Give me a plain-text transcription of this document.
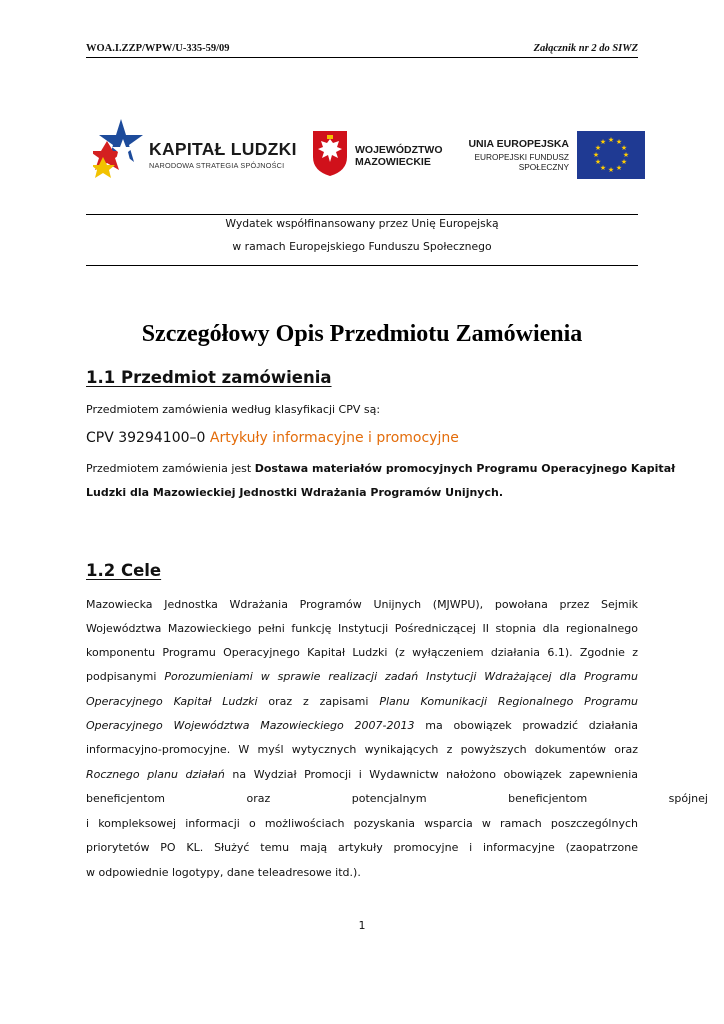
WOA.I.ZZP/WPW/U-335-59/09	Załącznik nr 2 do SIWZ
KAPITAŁ LUDZKI
NARODOWA STRATEGIA SPÓJNOŚCI
WOJEWÓDZTWO
MAZOWIECKIE
UNIA EUROPEJSKA
EUROPEJSKI FUNDUSZ
SPOŁECZNY
★ ★
★
★
★
★
★
★
★
★
★
★
Wydatek współfinansowany przez Unię Europejską
w ramach Europejskiego Funduszu Społecznego
Szczegółowy Opis Przedmiotu Zamówienia
1.1 Przedmiot zamówienia
Przedmiotem zamówienia według klasyfikacji CPV są:
CPV 39294100–0 Artykuły informacyjne i promocyjne
Przedmiotem zamówienia jest Dostawa materiałów promocyjnych Programu Operacyjnego Kapitał
Ludzki dla Mazowieckiej Jednostki Wdrażania Programów Unijnych.
1.2 Cele
Mazowiecka Jednostka Wdrażania Programów Unijnych (MJWPU), powołana przez Sejmik
Województwa Mazowieckiego pełni funkcję Instytucji Pośredniczącej II stopnia dla regionalnego
komponentu Programu Operacyjnego Kapitał Ludzki (z wyłączeniem działania 6.1). Zgodnie z
podpisanymi Porozumieniami w sprawie realizacji zadań Instytucji Wdrażającej dla Programu
Operacyjnego Kapitał Ludzki oraz z zapisami Planu Komunikacji Regionalnego Programu
Operacyjnego Województwa Mazowieckiego 2007-2013 ma obowiązek prowadzić działania
informacyjno-promocyjne. W myśl wytycznych wynikających z powyższych dokumentów oraz
Rocznego planu działań na Wydział Promocji i Wydawnictw nałożono obowiązek zapewnienia
beneficjentom oraz potencjalnym beneficjentom spójnej
i kompleksowej informacji o możliwościach pozyskania wsparcia w ramach poszczególnych
priorytetów PO KL. Służyć temu mają artykuły promocyjne i informacyjne (zaopatrzone
w odpowiednie logotypy, dane teleadresowe itd.).
1
